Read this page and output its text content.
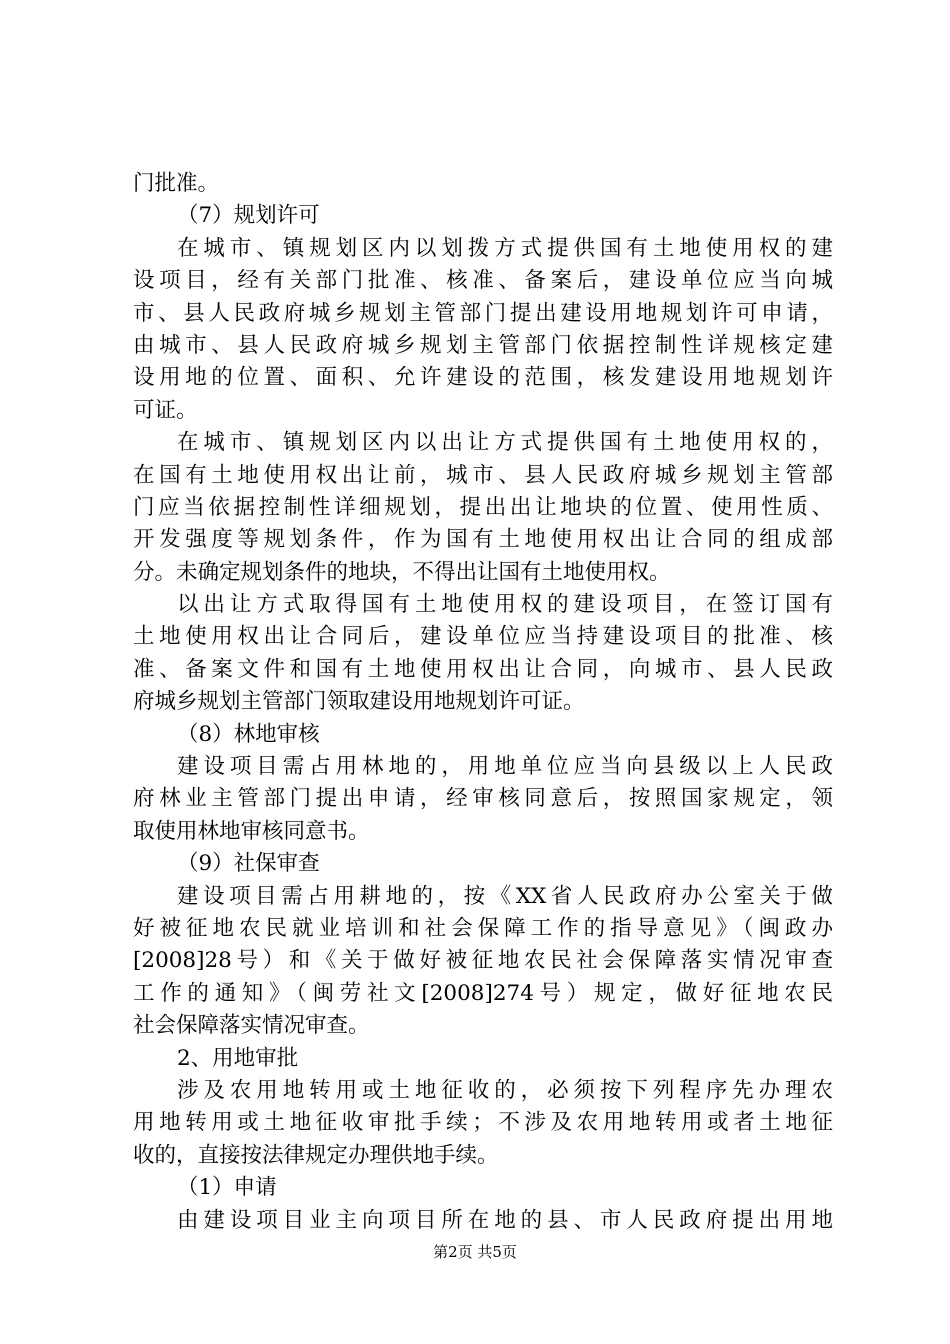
门批准。
（7）规划许可
在城市、镇规划区内以划拨方式提供国有土地使用权的建
设项目，经有关部门批准、核准、备案后，建设单位应当向城
市、县人民政府城乡规划主管部门提出建设用地规划许可申请，
由城市、县人民政府城乡规划主管部门依据控制性详规核定建
设用地的位置、面积、允许建设的范围，核发建设用地规划许
可证。
在城市、镇规划区内以出让方式提供国有土地使用权的，
在国有土地使用权出让前，城市、县人民政府城乡规划主管部
门应当依据控制性详细规划，提出出让地块的位置、使用性质、
开发强度等规划条件，作为国有土地使用权出让合同的组成部
分。未确定规划条件的地块，不得出让国有土地使用权。
以出让方式取得国有土地使用权的建设项目，在签订国有
土地使用权出让合同后，建设单位应当持建设项目的批准、核
准、备案文件和国有土地使用权出让合同，向城市、县人民政
府城乡规划主管部门领取建设用地规划许可证。
（8）林地审核
建设项目需占用林地的，用地单位应当向县级以上人民政
府林业主管部门提出申请，经审核同意后，按照国家规定，领
取使用林地审核同意书。
（9）社保审查
建设项目需占用耕地的，按《XX省人民政府办公室关于做
好被征地农民就业培训和社会保障工作的指导意见》（闽政办
[2008]28号）和《关于做好被征地农民社会保障落实情况审查
工作的通知》（闽劳社文[2008]274号）规定，做好征地农民
社会保障落实情况审查。
2、用地审批
涉及农用地转用或土地征收的，必须按下列程序先办理农
用地转用或土地征收审批手续；不涉及农用地转用或者土地征
收的，直接按法律规定办理供地手续。
（1）申请
由建设项目业主向项目所在地的县、市人民政府提出用地
第2页 共5页
